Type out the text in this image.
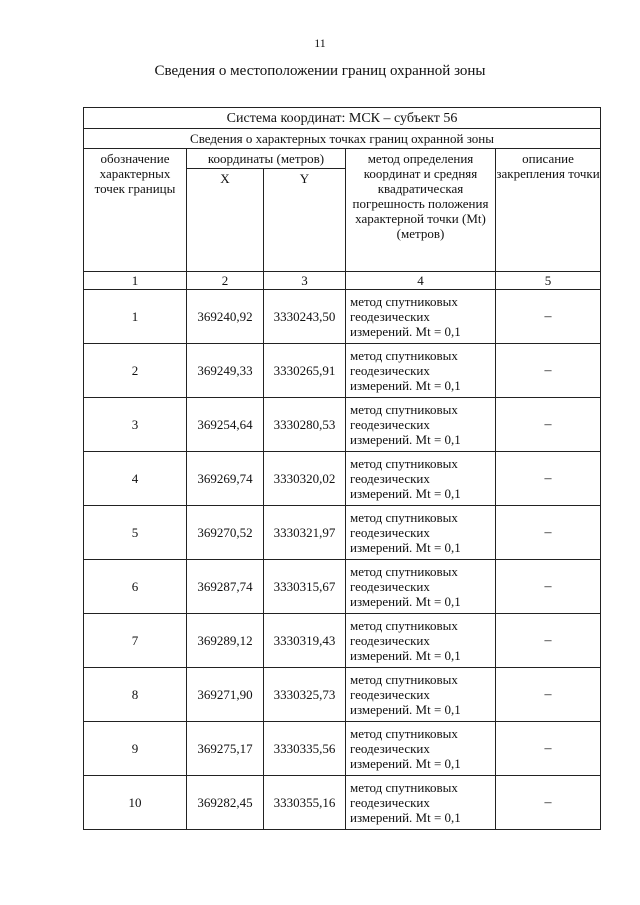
11
Сведения о местоположении границ охранной зоны
Система координат: МСК – субъект 56				
Сведения о характерных точках границ охранной зоны				
обозначение характерных точек границы	координаты (метров)		метод определения координат и средняя квадратическая погрешность положения характерной точки (Mt) (метров)	описание закрепления точки
	X	Y		
1	2	3	4	5
1	369240,92	3330243,50	метод спутниковых геодезических измерений. Mt = 0,1	–
2	369249,33	3330265,91	метод спутниковых геодезических измерений. Mt = 0,1	–
3	369254,64	3330280,53	метод спутниковых геодезических измерений. Mt = 0,1	–
4	369269,74	3330320,02	метод спутниковых геодезических измерений. Mt = 0,1	–
5	369270,52	3330321,97	метод спутниковых геодезических измерений. Mt = 0,1	–
6	369287,74	3330315,67	метод спутниковых геодезических измерений. Mt = 0,1	–
7	369289,12	3330319,43	метод спутниковых геодезических измерений. Mt = 0,1	–
8	369271,90	3330325,73	метод спутниковых геодезических измерений. Mt = 0,1	–
9	369275,17	3330335,56	метод спутниковых геодезических измерений. Mt = 0,1	–
10	369282,45	3330355,16	метод спутниковых геодезических измерений. Mt = 0,1	–
